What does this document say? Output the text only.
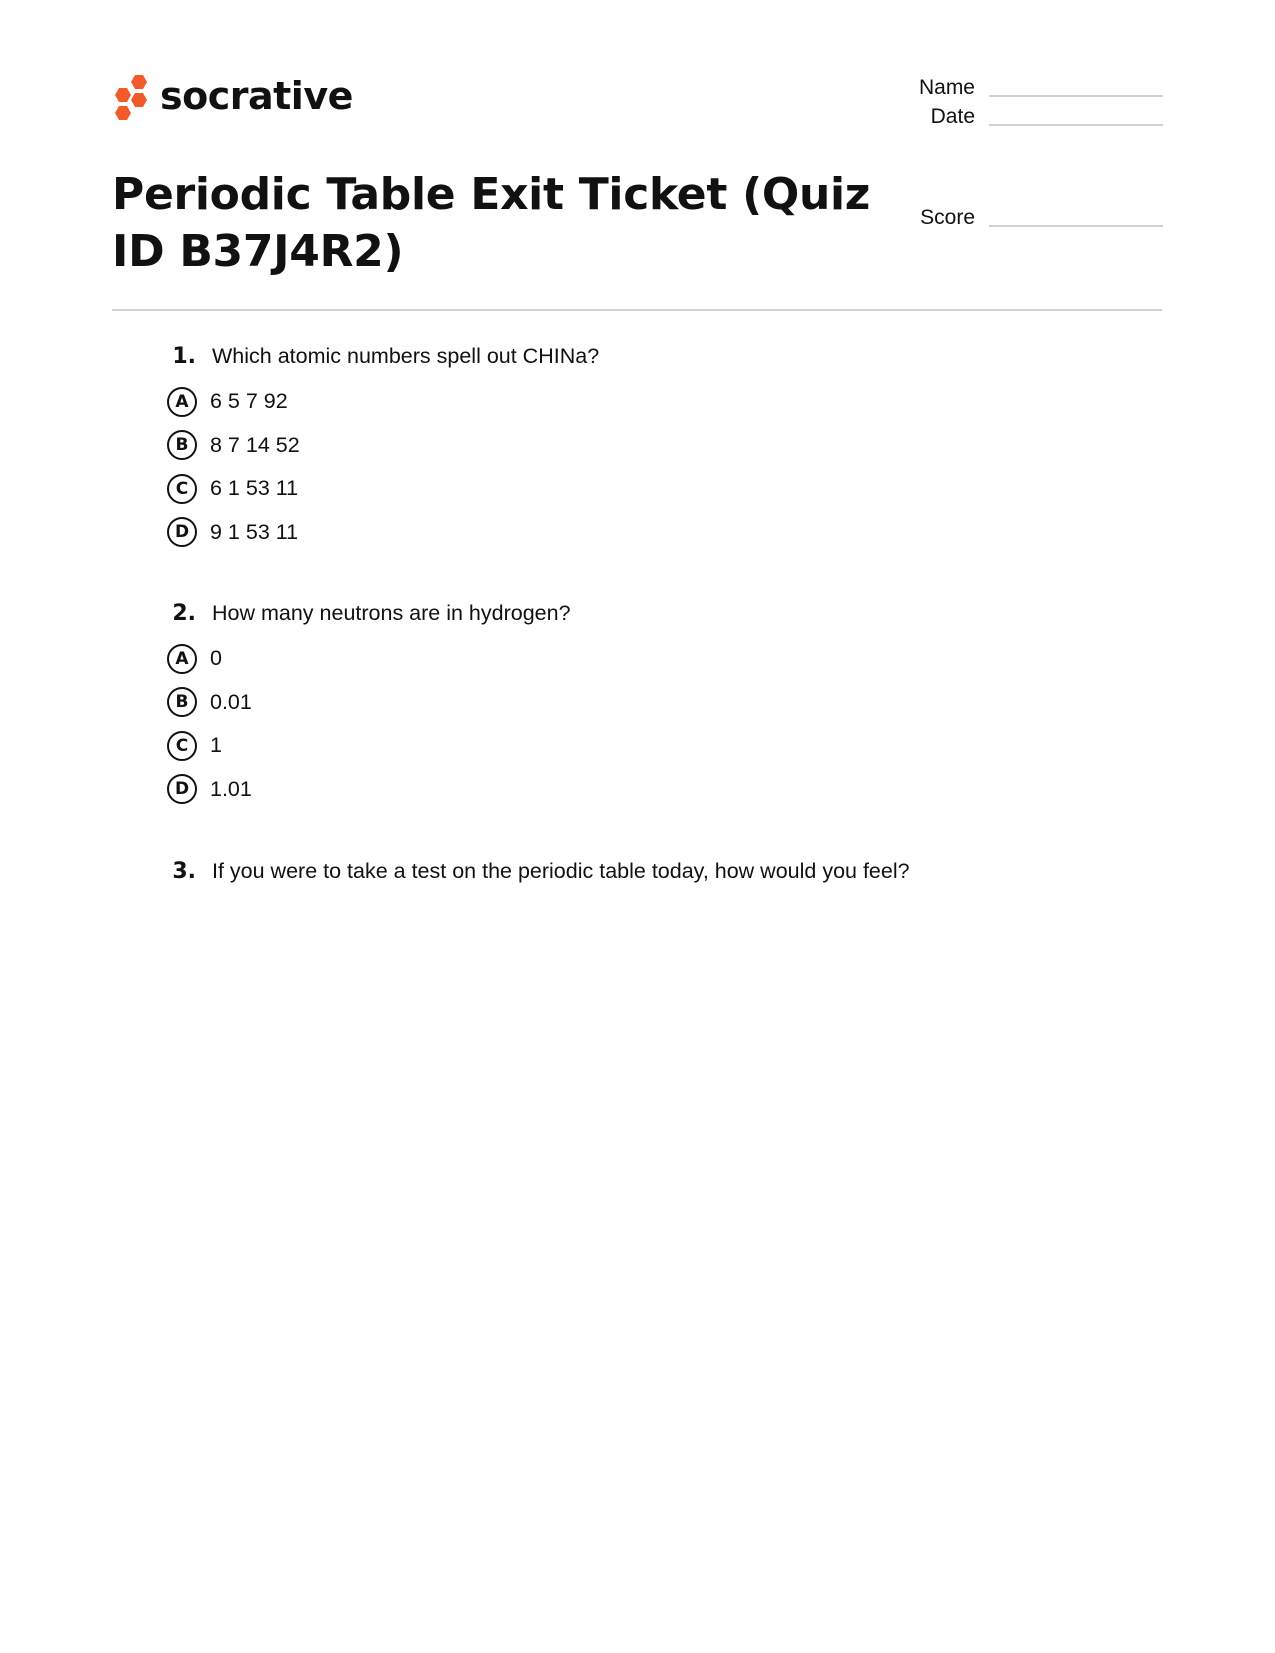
socrative	Name
Date
Score
Periodic Table Exit Ticket (Quiz ID B37J4R2)
1. Which atomic numbers spell out CHINa?
A 6 5 7 92
B	8 7 14 52
C	6 1 53 11
D 9 1 53 11
2. How many neutrons are in hydrogen?
A 0
B	0.01
C	1
D 1.01
3. If you were to take a test on the periodic table today, how would you feel?
